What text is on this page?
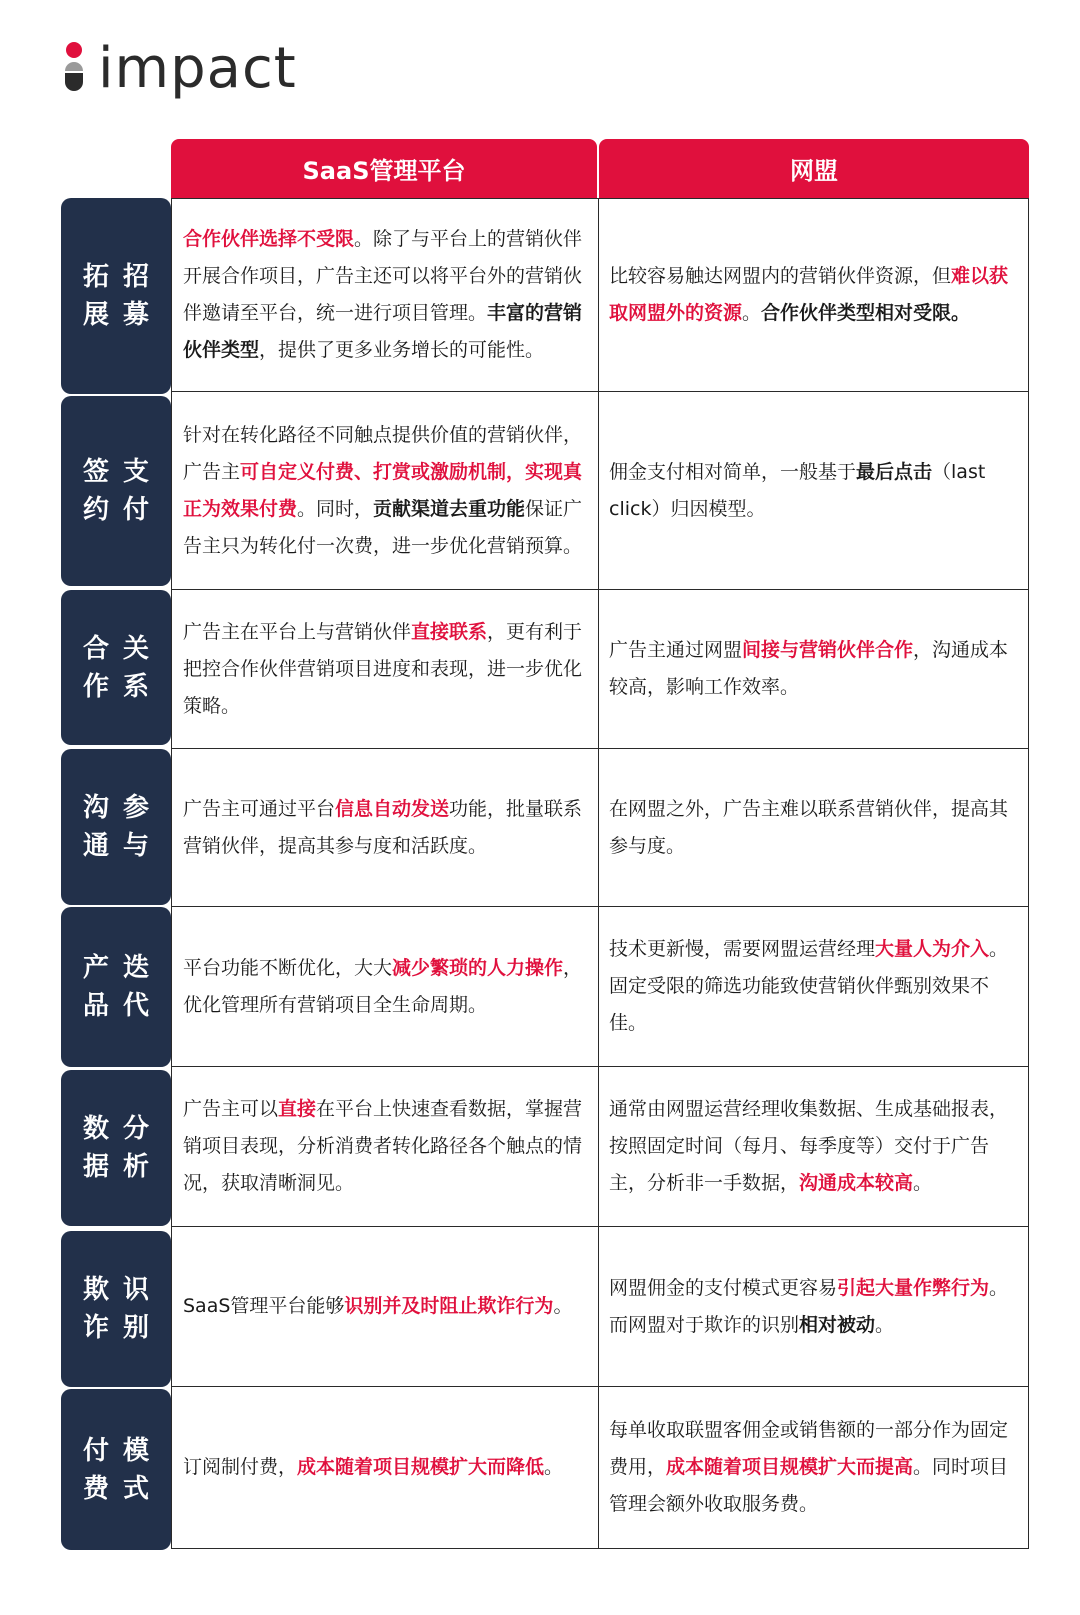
impact
SaaS管理平台	网盟
拓 招
展 募
合作伙伴选择不受限。除了与平台上的营销伙伴开展合作项目，广告主还可以将平台外的营销伙伴邀请至平台，统一进行项目管理。丰富的营销伙伴类型，提供了更多业务增长的可能性。
比较容易触达网盟内的营销伙伴资源，但难以获取网盟外的资源。合作伙伴类型相对受限。
签 支
约 付
针对在转化路径不同触点提供价值的营销伙伴，广告主可自定义付费、打赏或激励机制，实现真正为效果付费。同时，贡献渠道去重功能保证广告主只为转化付一次费，进一步优化营销预算。
佣金支付相对简单，一般基于最后点击（last click）归因模型。
合 关
作 系
广告主在平台上与营销伙伴直接联系，更有利于把控合作伙伴营销项目进度和表现，进一步优化策略。
广告主通过网盟间接与营销伙伴合作，沟通成本较高，影响工作效率。
沟 参
通 与
广告主可通过平台信息自动发送功能，批量联系营销伙伴，提高其参与度和活跃度。
在网盟之外，广告主难以联系营销伙伴，提高其参与度。
产 迭
品 代
平台功能不断优化，大大减少繁琐的人力操作，优化管理所有营销项目全生命周期。
技术更新慢，需要网盟运营经理大量人为介入。固定受限的筛选功能致使营销伙伴甄别效果不佳。
数 分
据 析
广告主可以直接在平台上快速查看数据，掌握营销项目表现，分析消费者转化路径各个触点的情况，获取清晰洞见。
通常由网盟运营经理收集数据、生成基础报表，按照固定时间（每月、每季度等）交付于广告主，分析非一手数据，沟通成本较高。
欺 识
诈 别
SaaS管理平台能够识别并及时阻止欺诈行为。
网盟佣金的支付模式更容易引起大量作弊行为。而网盟对于欺诈的识别相对被动。
付 模
费 式
订阅制付费，成本随着项目规模扩大而降低。
每单收取联盟客佣金或销售额的一部分作为固定费用，成本随着项目规模扩大而提高。同时项目管理会额外收取服务费。
